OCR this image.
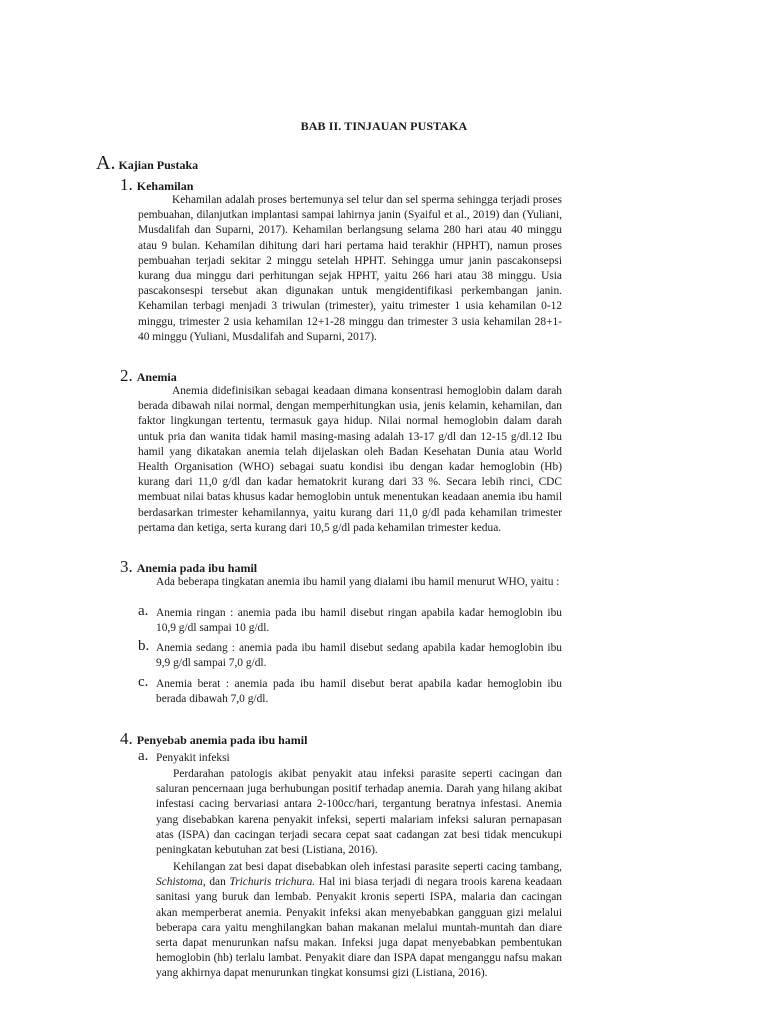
BAB II. TINJAUAN PUSTAKA
A. Kajian Pustaka
1. Kehamilan

Kehamilan adalah proses bertemunya sel telur dan sel sperma sehingga terjadi proses pembuahan, dilanjutkan implantasi sampai lahirnya janin (Syaiful et al., 2019) dan (Yuliani, Musdalifah dan Suparni, 2017). Kehamilan berlangsung selama 280 hari atau 40 minggu atau 9 bulan. Kehamilan dihitung dari hari pertama haid terakhir (HPHT), namun proses pembuahan terjadi sekitar 2 minggu setelah HPHT. Sehingga umur janin pascakonsepsi kurang dua minggu dari perhitungan sejak HPHT, yaitu 266 hari atau 38 minggu. Usia pascakonsespi tersebut akan digunakan untuk mengidentifikasi perkembangan janin. Kehamilan terbagi menjadi 3 triwulan (trimester), yaitu trimester 1 usia kehamilan 0-12 minggu, trimester 2 usia kehamilan 12+1-28 minggu dan trimester 3 usia kehamilan 28+1-40 minggu (Yuliani, Musdalifah and Suparni, 2017).

2. Anemia

Anemia didefinisikan sebagai keadaan dimana konsentrasi hemoglobin dalam darah berada dibawah nilai normal, dengan memperhitungkan usia, jenis kelamin, kehamilan, dan faktor lingkungan tertentu, termasuk gaya hidup. Nilai normal hemoglobin dalam darah untuk pria dan wanita tidak hamil masing-masing adalah 13-17 g/dl dan 12-15 g/dl.12 Ibu hamil yang dikatakan anemia telah dijelaskan oleh Badan Kesehatan Dunia atau World Health Organisation (WHO) sebagai suatu kondisi ibu dengan kadar hemoglobin (Hb) kurang dari 11,0 g/dl dan kadar hematokrit kurang dari 33 %. Secara lebih rinci, CDC membuat nilai batas khusus kadar hemoglobin untuk menentukan keadaan anemia ibu hamil berdasarkan trimester kehamilannya, yaitu kurang dari 11,0 g/dl pada kehamilan trimester pertama dan ketiga, serta kurang dari 10,5 g/dl pada kehamilan trimester kedua.

3. Anemia pada ibu hamil

Ada beberapa tingkatan anemia ibu hamil yang dialami ibu hamil menurut WHO, yaitu :

a. Anemia ringan : anemia pada ibu hamil disebut ringan apabila kadar hemoglobin ibu 10,9 g/dl sampai 10 g/dl.
b. Anemia sedang : anemia pada ibu hamil disebut sedang apabila kadar hemoglobin ibu 9,9 g/dl sampai 7,0 g/dl.
c. Anemia berat : anemia pada ibu hamil disebut berat apabila kadar hemoglobin ibu berada dibawah 7,0 g/dl.
4. Penyebab anemia pada ibu hamil
a. Penyakit infeksi

Perdarahan patologis akibat penyakit atau infeksi parasite seperti cacingan dan saluran pencernaan juga berhubungan positif terhadap anemia. Darah yang hilang akibat infestasi cacing bervariasi antara 2-100cc/hari, tergantung beratnya infestasi. Anemia yang disebabkan karena penyakit infeksi, seperti malariam infeksi saluran pernapasan atas (ISPA) dan cacingan terjadi secara cepat saat cadangan zat besi tidak mencukupi peningkatan kebutuhan zat besi (Listiana, 2016).

Kehilangan zat besi dapat disebabkan oleh infestasi parasite seperti cacing tambang, Schistoma, dan Trichuris trichura. Hal ini biasa terjadi di negara troois karena keadaan sanitasi yang buruk dan lembab. Penyakit kronis seperti ISPA, malaria dan cacingan akan memperberat anemia. Penyakit infeksi akan menyebabkan gangguan gizi melalui beberapa cara yaitu menghilangkan bahan makanan melalui muntah-muntah dan diare serta dapat menurunkan nafsu makan. Infeksi juga dapat menyebabkan pembentukan hemoglobin (hb) terlalu lambat. Penyakit diare dan ISPA dapat menganggu nafsu makan yang akhirnya dapat menurunkan tingkat konsumsi gizi (Listiana, 2016).
